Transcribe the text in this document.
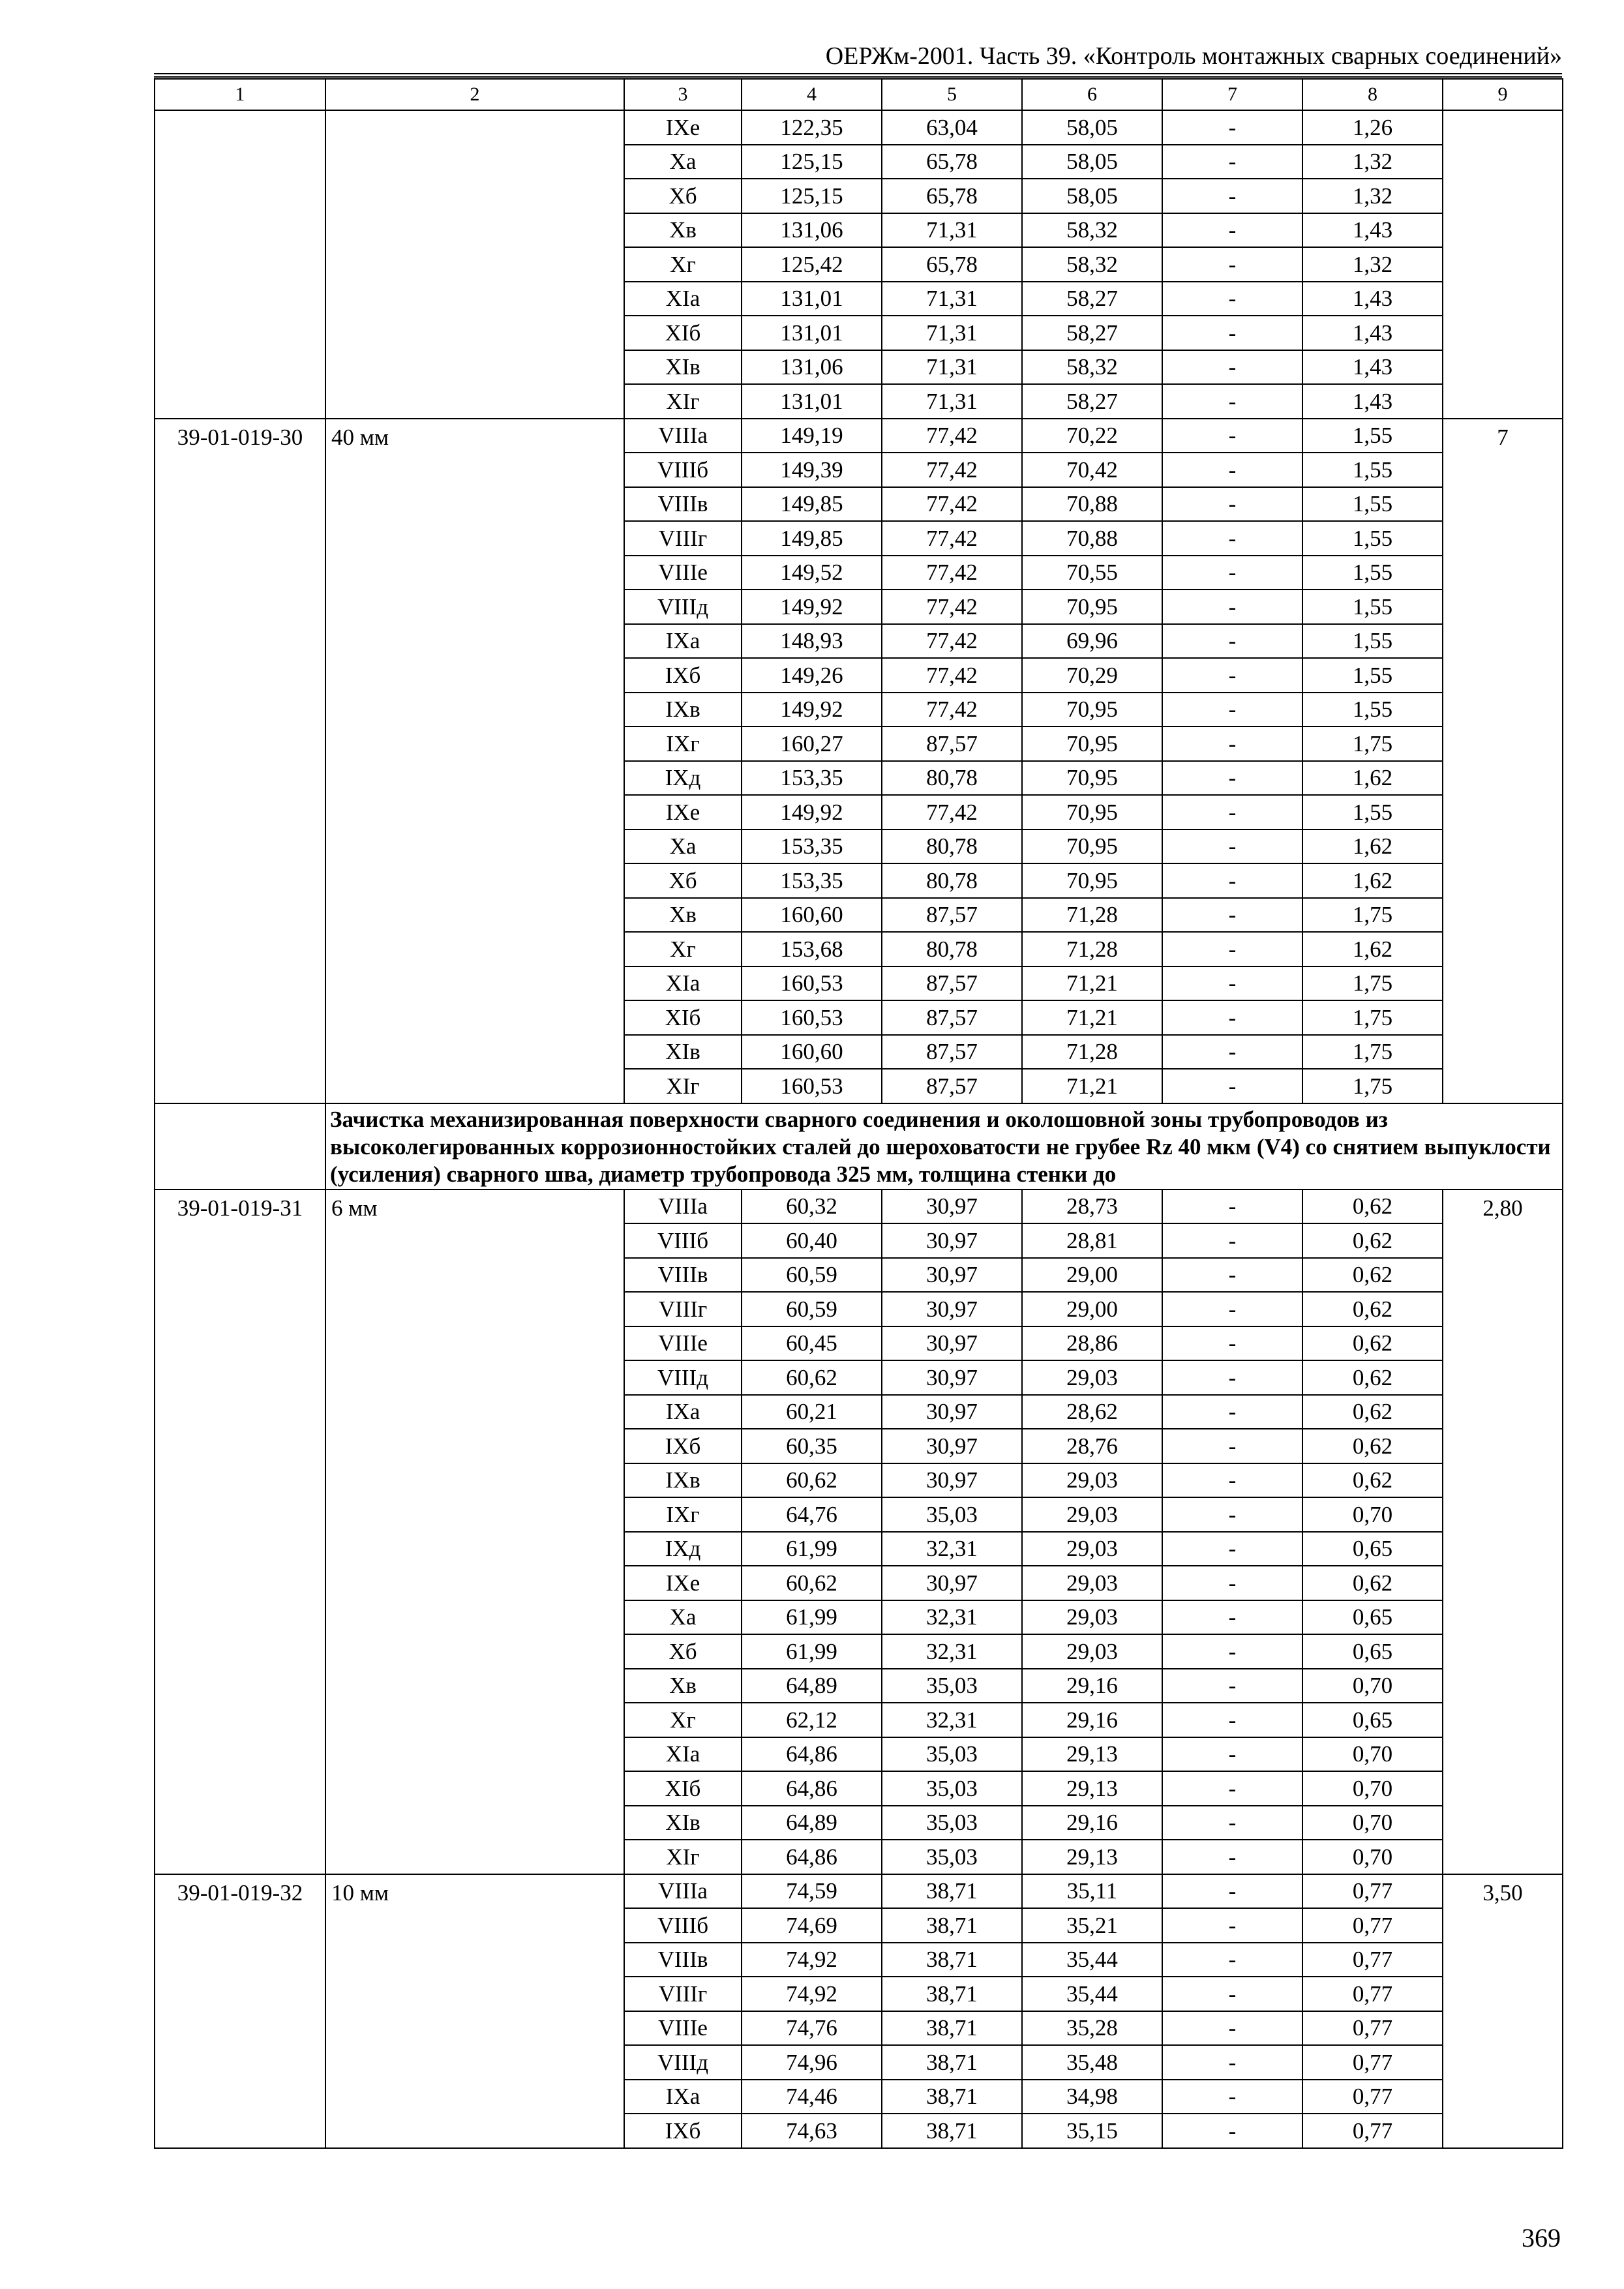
ОЕРЖм-2001. Часть 39. «Контроль монтажных сварных соединений»
1	2	3	4	5	6	7	8	9
		IXe	122,35	63,04	58,05	-	1,26	
		Xa	125,15	65,78	58,05	-	1,32	
		Xб	125,15	65,78	58,05	-	1,32	
		Xв	131,06	71,31	58,32	-	1,43	
		Xг	125,42	65,78	58,32	-	1,32	
		XIa	131,01	71,31	58,27	-	1,43	
		XIб	131,01	71,31	58,27	-	1,43	
		XIв	131,06	71,31	58,32	-	1,43	
		XIг	131,01	71,31	58,27	-	1,43	
39-01-019-30	40 мм	VIIIa	149,19	77,42	70,22	-	1,55	7
		VIIIб	149,39	77,42	70,42	-	1,55	
		VIIIв	149,85	77,42	70,88	-	1,55	
		VIIIг	149,85	77,42	70,88	-	1,55	
		VIIIe	149,52	77,42	70,55	-	1,55	
		VIIIд	149,92	77,42	70,95	-	1,55	
		IXa	148,93	77,42	69,96	-	1,55	
		IXб	149,26	77,42	70,29	-	1,55	
		IXв	149,92	77,42	70,95	-	1,55	
		IXг	160,27	87,57	70,95	-	1,75	
		IXд	153,35	80,78	70,95	-	1,62	
		IXe	149,92	77,42	70,95	-	1,55	
		Xa	153,35	80,78	70,95	-	1,62	
		Xб	153,35	80,78	70,95	-	1,62	
		Xв	160,60	87,57	71,28	-	1,75	
		Xг	153,68	80,78	71,28	-	1,62	
		XIa	160,53	87,57	71,21	-	1,75	
		XIб	160,53	87,57	71,21	-	1,75	
		XIв	160,60	87,57	71,28	-	1,75	
		XIг	160,53	87,57	71,21	-	1,75	
	Зачистка механизированная поверхности сварного соединения и околошовной зоны трубопроводов из высоколегированных коррозионностойких сталей до шероховатости не грубее Rz 40 мкм (V4) со снятием выпуклости (усиления) сварного шва, диаметр трубопровода 325 мм, толщина стенки до							
39-01-019-31	6 мм	VIIIa	60,32	30,97	28,73	-	0,62	2,80
		VIIIб	60,40	30,97	28,81	-	0,62	
		VIIIв	60,59	30,97	29,00	-	0,62	
		VIIIг	60,59	30,97	29,00	-	0,62	
		VIIIe	60,45	30,97	28,86	-	0,62	
		VIIIд	60,62	30,97	29,03	-	0,62	
		IXa	60,21	30,97	28,62	-	0,62	
		IXб	60,35	30,97	28,76	-	0,62	
		IXв	60,62	30,97	29,03	-	0,62	
		IXг	64,76	35,03	29,03	-	0,70	
		IXд	61,99	32,31	29,03	-	0,65	
		IXe	60,62	30,97	29,03	-	0,62	
		Xa	61,99	32,31	29,03	-	0,65	
		Xб	61,99	32,31	29,03	-	0,65	
		Xв	64,89	35,03	29,16	-	0,70	
		Xг	62,12	32,31	29,16	-	0,65	
		XIa	64,86	35,03	29,13	-	0,70	
		XIб	64,86	35,03	29,13	-	0,70	
		XIв	64,89	35,03	29,16	-	0,70	
		XIг	64,86	35,03	29,13	-	0,70	
39-01-019-32	10 мм	VIIIa	74,59	38,71	35,11	-	0,77	3,50
		VIIIб	74,69	38,71	35,21	-	0,77	
		VIIIв	74,92	38,71	35,44	-	0,77	
		VIIIг	74,92	38,71	35,44	-	0,77	
		VIIIe	74,76	38,71	35,28	-	0,77	
		VIIIд	74,96	38,71	35,48	-	0,77	
		IXa	74,46	38,71	34,98	-	0,77	
		IXб	74,63	38,71	35,15	-	0,77	
369
